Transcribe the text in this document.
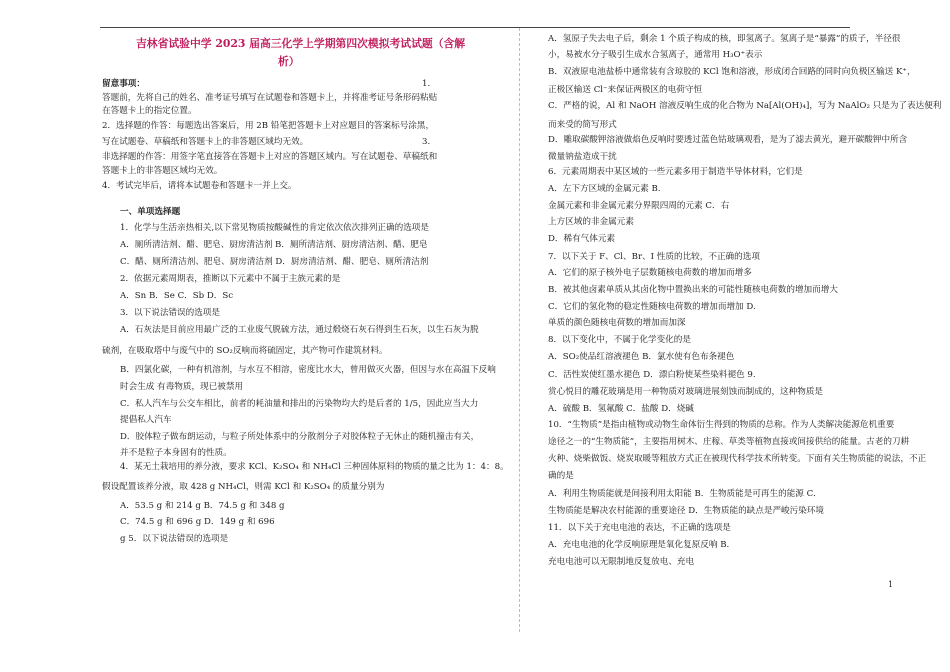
吉林省试验中学 2023 届高三化学上学期第四次模拟考试试题（含解
析）
留意事项：	1.
答题前，先将自己的姓名、准考证号填写在试题卷和答题卡上，并将准考证号条形码粘贴
在答题卡上的指定位置。
2．选择题的作答：每题选出答案后，用 2B 铅笔把答题卡上对应题目的答案标号涂黑，
写在试题卷、草稿纸和答题卡上的非答题区域均无效。	3.
非选择题的作答：用签字笔直接答在答题卡上对应的答题区域内。写在试题卷、草稿纸和
答题卡上的非答题区域均无效。
4．考试完毕后，请将本试题卷和答题卡一并上交。
一、单项选择题
1．化学与生活亲热相关,以下常见物质按酸碱性的肯定依次依次排列正确的选项是
A．厕所清洁剂、醋、肥皂、厨房清洁剂 B．厕所清洁剂、厨房清洁剂、醋、肥皂
C．醋、厕所清洁剂、肥皂、厨房清洁剂 D．厨房清洁剂、醋、肥皂、厕所清洁剂
2．依据元素周期表，推断以下元素中不属于主族元素的是
A．Sn B．Se C．Sb D．Sc
3．以下说法错误的选项是
A．石灰法是目前应用最广泛的工业废气脱硫方法，通过煅烧石灰石得到生石灰，以生石灰为脱
硫剂，在吸取塔中与废气中的 SO₂反响而将硫固定，其产物可作建筑材料。
B．四氯化碳，一种有机溶剂，与水互不相溶，密度比水大，曾用做灭火器，但因与水在高温下反响
时会生成 有毒物质，现已被禁用
C．私人汽车与公交车相比，前者的耗油量和排出的污染物均大约是后者的 1/5，因此应当大力
提倡私人汽车
D．胶体粒子做布朗运动，与粒子所处体系中的分散剂分子对胶体粒子无休止的随机撞击有关，
并不是粒子本身固有的性质。
4．某无土栽培用的养分液，要求 KCl、K₂SO₄ 和 NH₄Cl 三种固体原料的物质的量之比为 1：4：8。
假设配置该养分液，取 428 g NH₄Cl，则需 KCl 和 K₂SO₄ 的质量分别为
A．53.5 g 和 214 g B．74.5 g 和 348 g
C．74.5 g 和 696 g D．149 g 和 696
g 5．以下说法错误的选项是
A．氢原子失去电子后，剩余 1 个质子构成的核，即氢离子。氢离子是“暴露”的质子，半径很
小，易被水分子吸引生成水合氢离子，通常用 H₃O⁺表示
B．双液原电池盐桥中通常装有含琼胶的 KCl 饱和溶液，形成闭合回路的同时向负极区输送 K⁺，
正极区输送 Cl⁻来保证两极区的电荷守恒
C．严格的说，Al 和 NaOH 溶液反响生成的化合物为 Na[Al(OH)₄]，写为 NaAlO₂ 只是为了表达便利
而来受的简写形式
D．雕取碳酸钾溶液做焰色反响时要透过蓝色钴玻璃观看，是为了滤去黄光，避开碳酸钾中所含
微量钠盐造成干扰
6．元素周期表中某区域的一些元素多用于制造半导体材料，它们是
A．左下方区域的金属元素 B.
金属元素和非金属元素分界限四周的元素 C．右
上方区域的非金属元素
D．稀有气体元素
7．以下关于 F、Cl、Br、I 性质的比较，不正确的选项
A．它们的原子核外电子层数随核电荷数的增加而增多
B．被其他卤素单质从其卤化物中置换出来的可能性随核电荷数的增加而增大
C．它们的氢化物的稳定性随核电荷数的增加而增加 D.
单质的颜色随核电荷数的增加而加深
8．以下变化中，不属于化学变化的是
A．SO₂使品红溶液褪色 B．氯水使有色布条褪色
C．活性炭使红墨水褪色 D．漂白粉使某些染料褪色 9.
赏心悦目的雕花玻璃是用一种物质对玻璃进展刻蚀而制成的，这种物质是
A．硫酸 B．氢氟酸 C．盐酸 D．烧碱
10．“生物质”是指由植物或动物生命体衍生得到的物质的总称。作为人类解决能源危机重要
途径之一的“生物质能”，主要指用树木、庄稼、草类等植物直接或间接供给的能量。古老的刀耕
火种、烧柴做饭、烧炭取暖等粗放方式正在被现代科学技术所转变。下面有关生物质能的说法，不正
确的是
A．利用生物质能就是间接利用太阳能 B．生物质能是可再生的能源 C．
生物质能是解决农村能源的重要途径 D．生物质能的缺点是严峻污染环境
11．以下关于充电电池的表达，不正确的选项是
A．充电电池的化学反响原理是氧化复原反响 B.
充电电池可以无限制地反复放电、充电
1
